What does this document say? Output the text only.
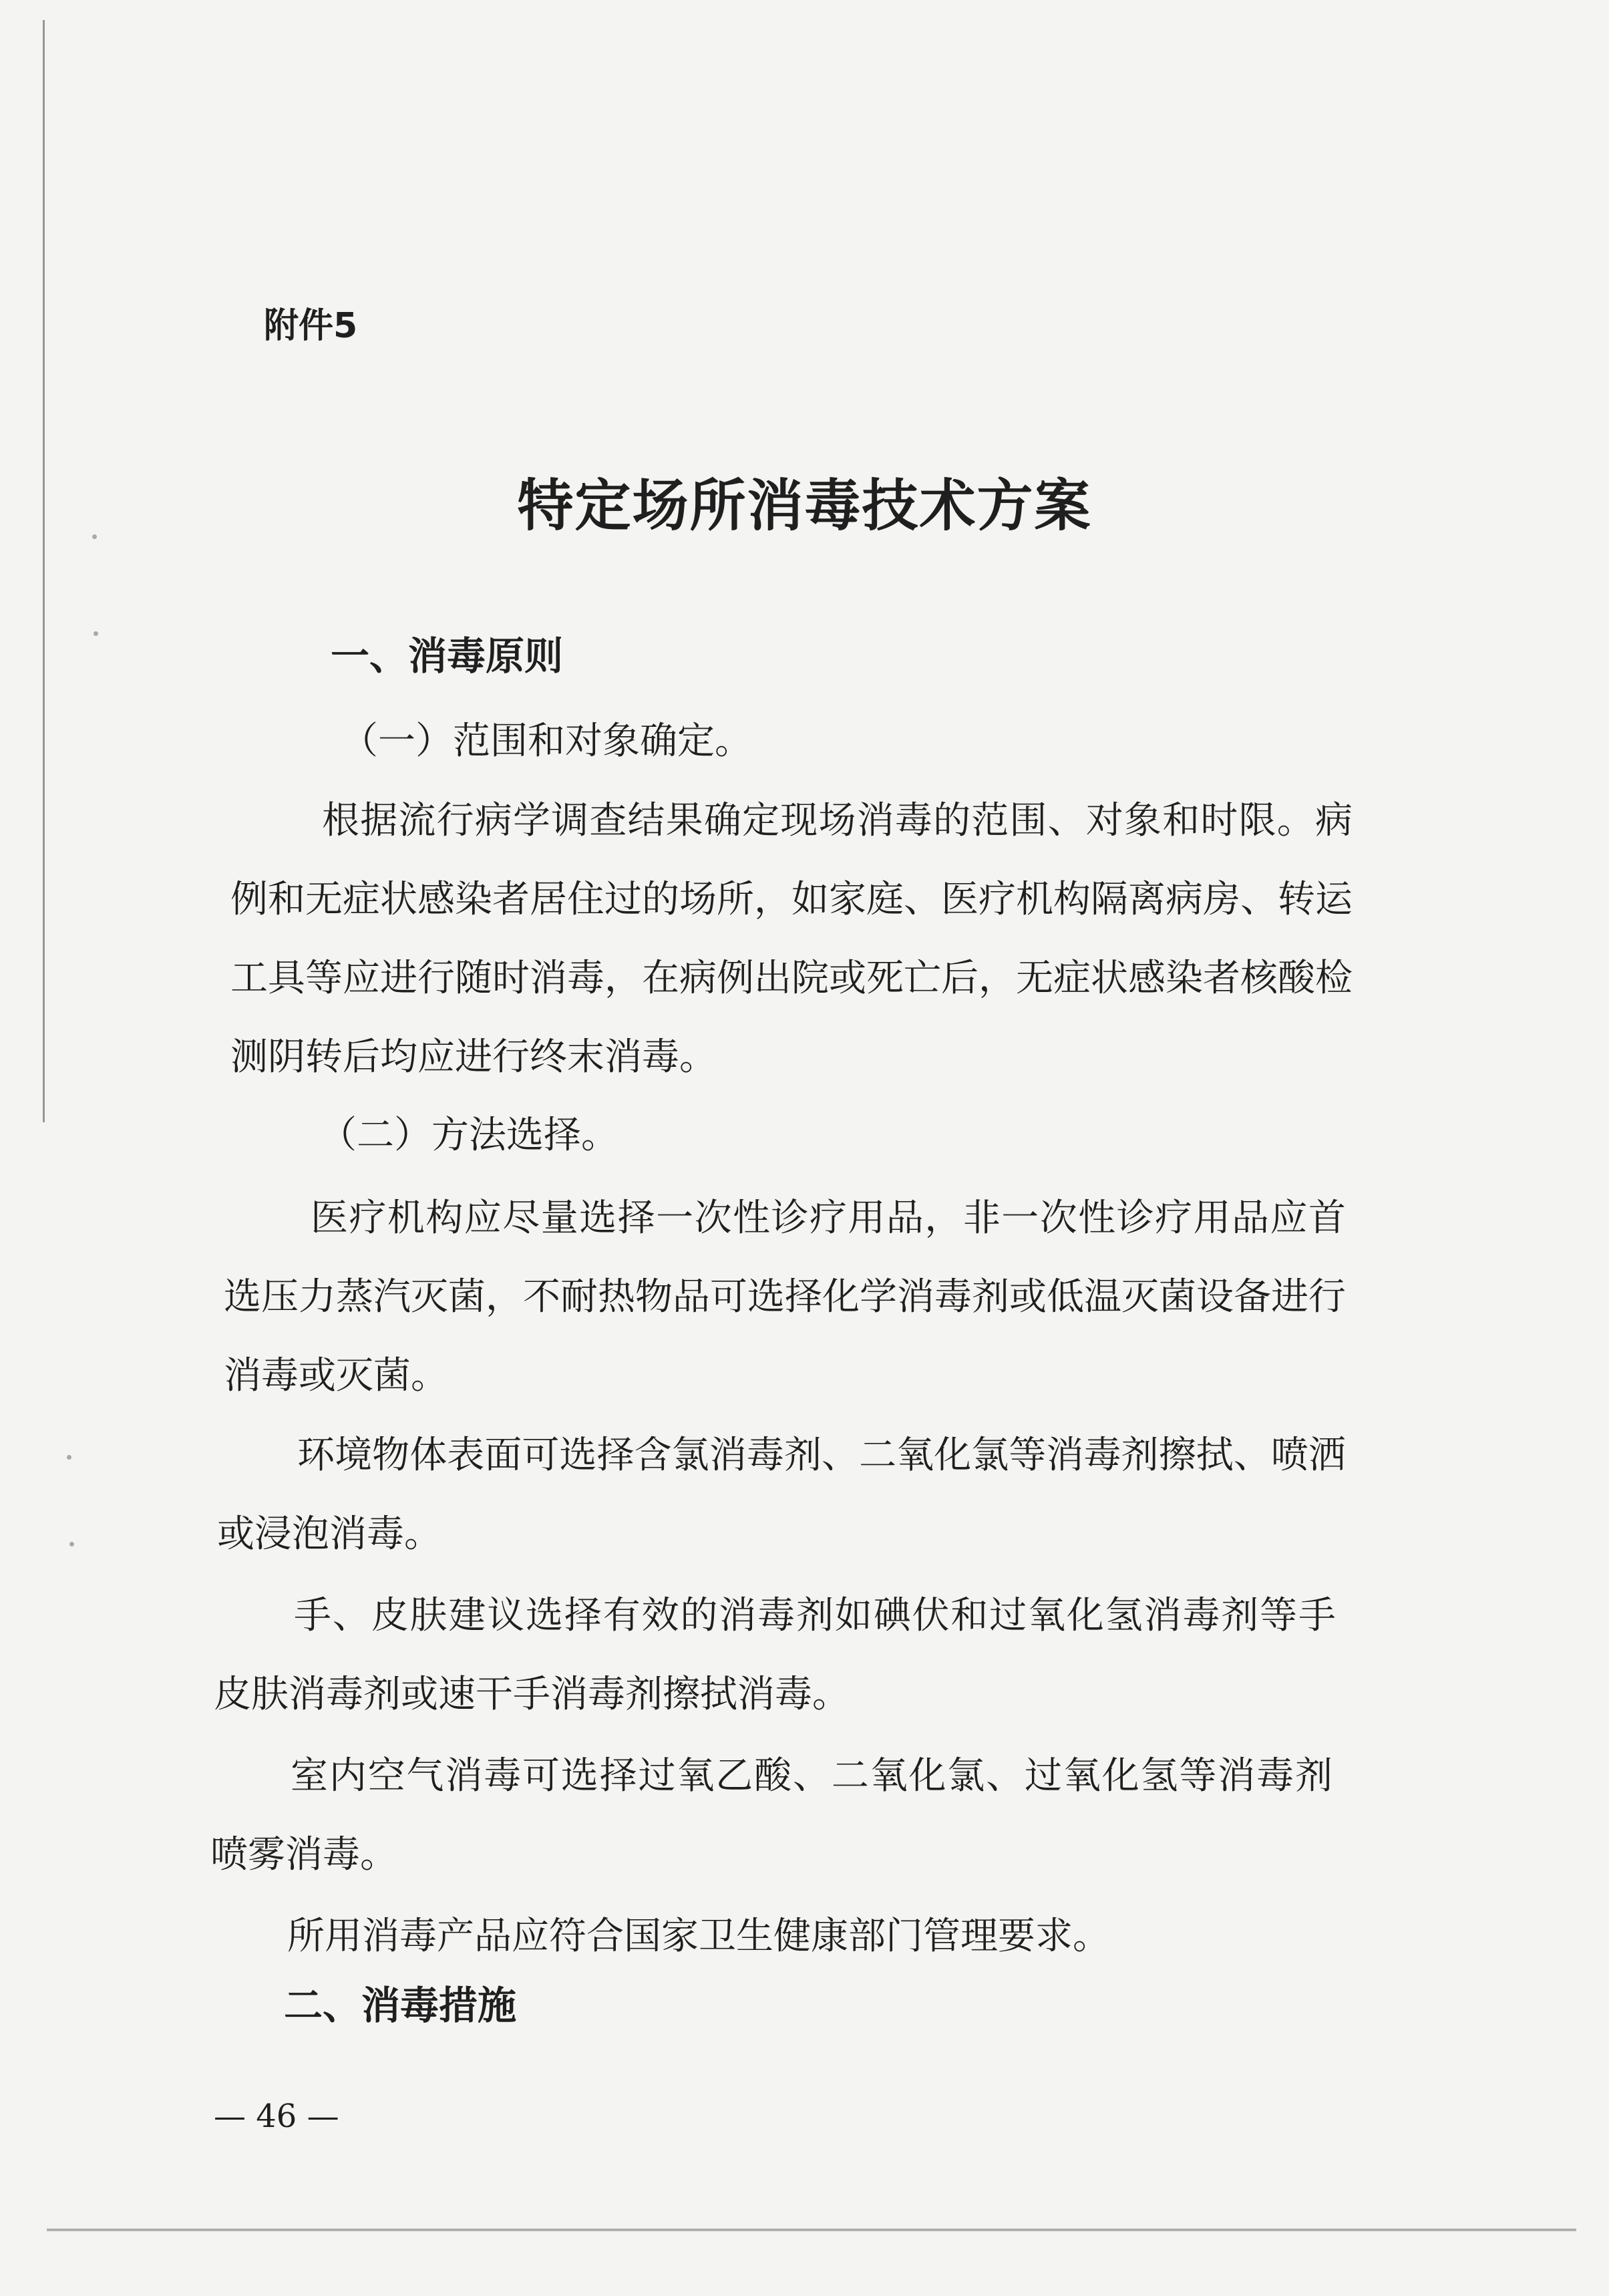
附件5
特定场所消毒技术方案
一、消毒原则
（一）范围和对象确定。
根据流行病学调查结果确定现场消毒的范围、对象和时限。病例和无症状感染者居住过的场所，如家庭、医疗机构隔离病房、转运工具等应进行随时消毒，在病例出院或死亡后，无症状感染者核酸检测阴转后均应进行终末消毒。
（二）方法选择。
医疗机构应尽量选择一次性诊疗用品，非一次性诊疗用品应首选压力蒸汽灭菌，不耐热物品可选择化学消毒剂或低温灭菌设备进行消毒或灭菌。
环境物体表面可选择含氯消毒剂、二氧化氯等消毒剂擦拭、喷洒或浸泡消毒。
手、皮肤建议选择有效的消毒剂如碘伏和过氧化氢消毒剂等手皮肤消毒剂或速干手消毒剂擦拭消毒。
室内空气消毒可选择过氧乙酸、二氧化氯、过氧化氢等消毒剂喷雾消毒。
所用消毒产品应符合国家卫生健康部门管理要求。
二、消毒措施
— 46 —
